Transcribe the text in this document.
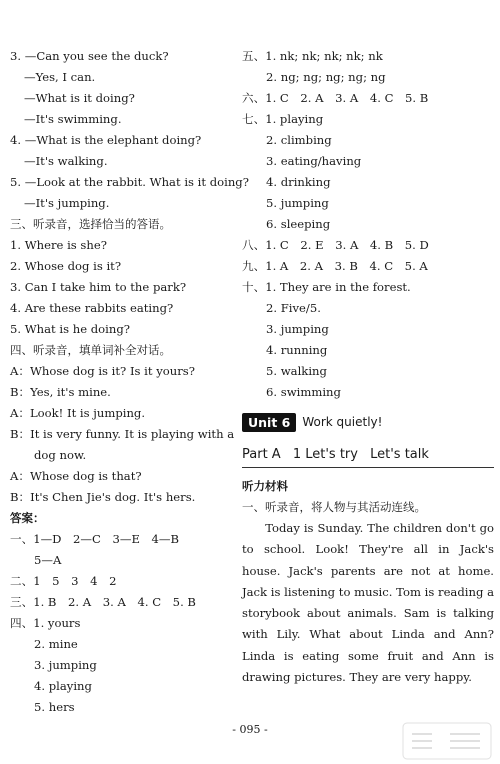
3. —Can you see the duck?
—Yes, I can.
—What is it doing?
—It's swimming.
4. —What is the elephant doing?
—It's walking.
5. —Look at the rabbit. What is it doing?
—It's jumping.
三、听录音，选择恰当的答语。
1. Where is she?
2. Whose dog is it?
3. Can I take him to the park?
4. Are these rabbits eating?
5. What is he doing?
四、听录音，填单词补全对话。
A：Whose dog is it? Is it yours?
B：Yes, it's mine.
A：Look! It is jumping.
B：It is very funny. It is playing with a
dog now.
A：Whose dog is that?
B：It's Chen Jie's dog. It's hers.
答案：
一、1—D　2—C　3—E　4—B
5—A
二、1　5　3　4　2
三、1. B　2. A　3. A　4. C　5. B
四、1. yours
2. mine
3. jumping
4. playing
5. hers
五、1. nk; nk; nk; nk; nk
2. ng; ng; ng; ng; ng
六、1. C　2. A　3. A　4. C　5. B
七、1. playing
2. climbing
3. eating/having
4. drinking
5. jumping
6. sleeping
八、1. C　2. E　3. A　4. B　5. D
九、1. A　2. A　3. B　4. C　5. A
十、1. They are in the forest.
2. Five/5.
3. jumping
4. running
5. walking
6. swimming
Unit 6	Work quietly!
Part A 1 Let's try Let's talk
听力材料
一、听录音，将人物与其活动连线。

Today is Sunday. The children don't go to school. Look! They're all in Jack's house. Jack's parents are not at home. Jack is listening to music. Tom is reading a storybook about animals. Sam is talking with Lily. What about Linda and Ann? Linda is eating some fruit and Ann is drawing pictures. They are very happy.

- 095 -
